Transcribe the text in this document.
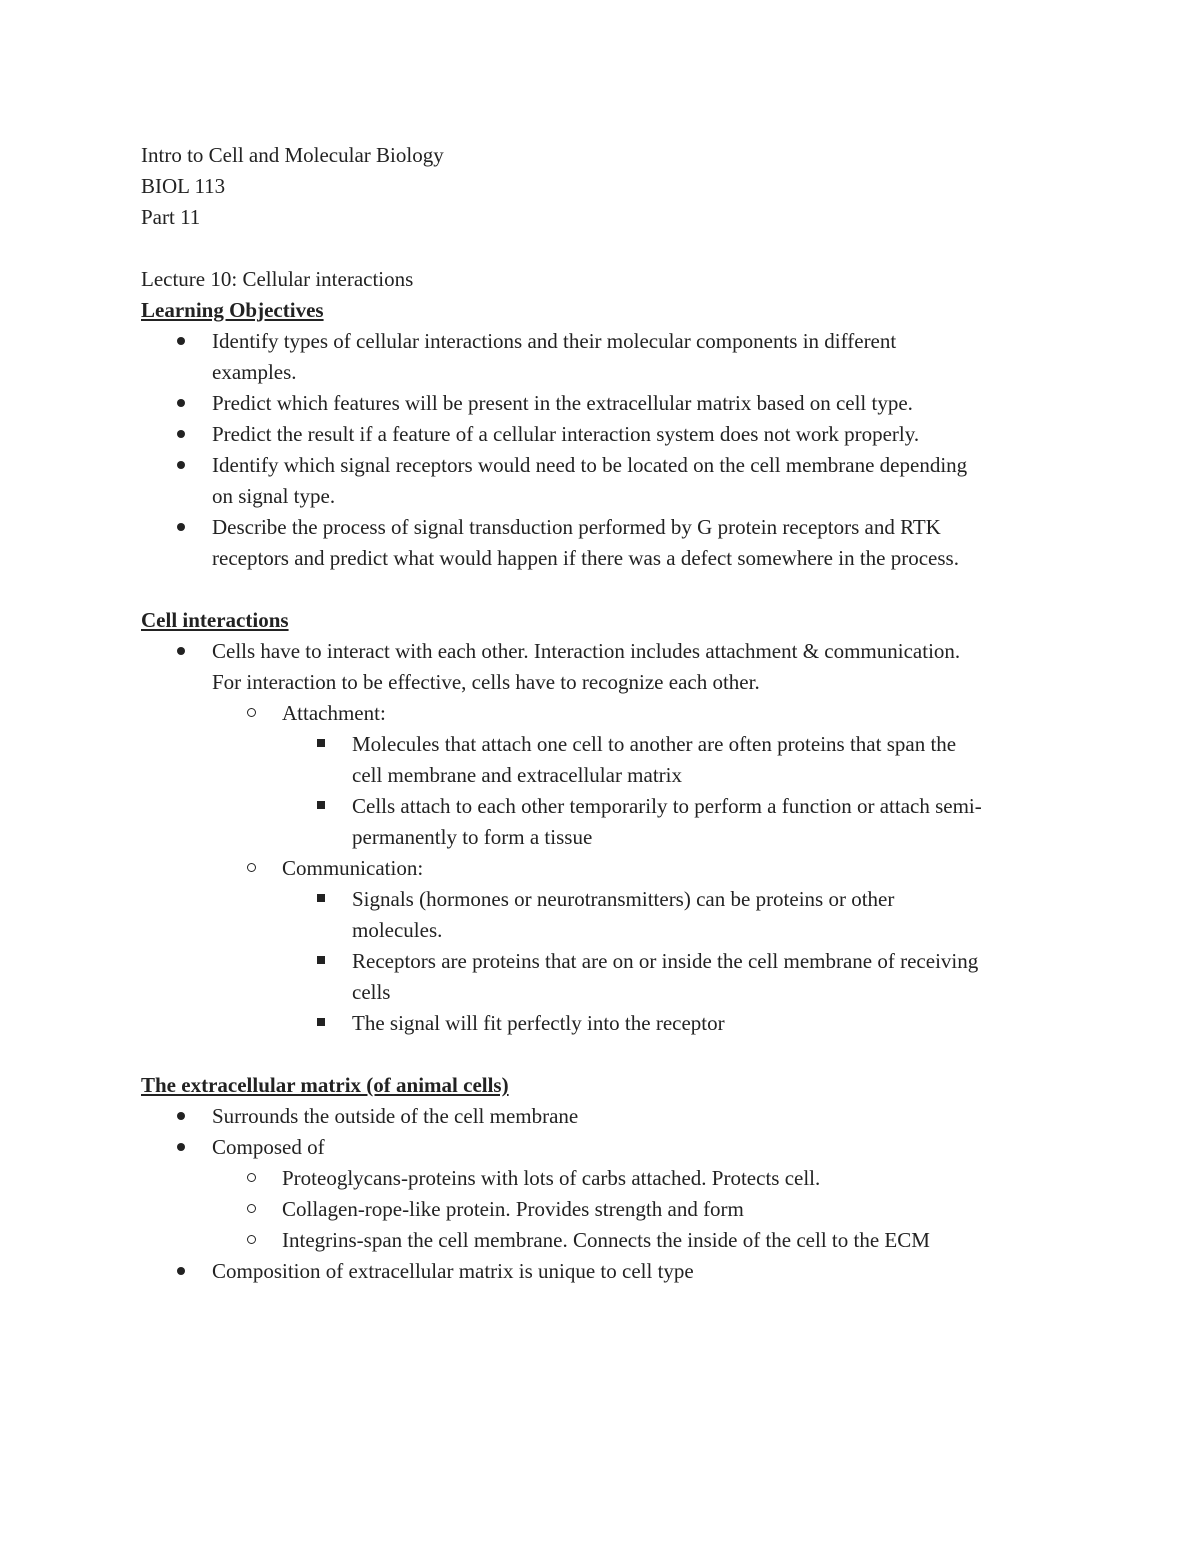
Intro to Cell and Molecular Biology

BIOL 113

Part 11

Lecture 10: Cellular interactions

Learning Objectives

Identify types of cellular interactions and their molecular components in different
examples.
Predict which features will be present in the extracellular matrix based on cell type.
Predict the result if a feature of a cellular interaction system does not work properly.
Identify which signal receptors would need to be located on the cell membrane depending
on signal type.
Describe the process of signal transduction performed by G protein receptors and RTK
receptors and predict what would happen if there was a defect somewhere in the process.

Cell interactions

Cells have to interact with each other. Interaction includes attachment & communication.
For interaction to be effective, cells have to recognize each other.
Attachment:
Molecules that attach one cell to another are often proteins that span the
cell membrane and extracellular matrix
Cells attach to each other temporarily to perform a function or attach semi-
permanently to form a tissue
Communication:
Signals (hormones or neurotransmitters) can be proteins or other
molecules.
Receptors are proteins that are on or inside the cell membrane of receiving
cells
The signal will fit perfectly into the receptor

The extracellular matrix (of animal cells)

Surrounds the outside of the cell membrane
Composed of
Proteoglycans-proteins with lots of carbs attached. Protects cell.
Collagen-rope-like protein. Provides strength and form
Integrins-span the cell membrane. Connects the inside of the cell to the ECM
Composition of extracellular matrix is unique to cell type
